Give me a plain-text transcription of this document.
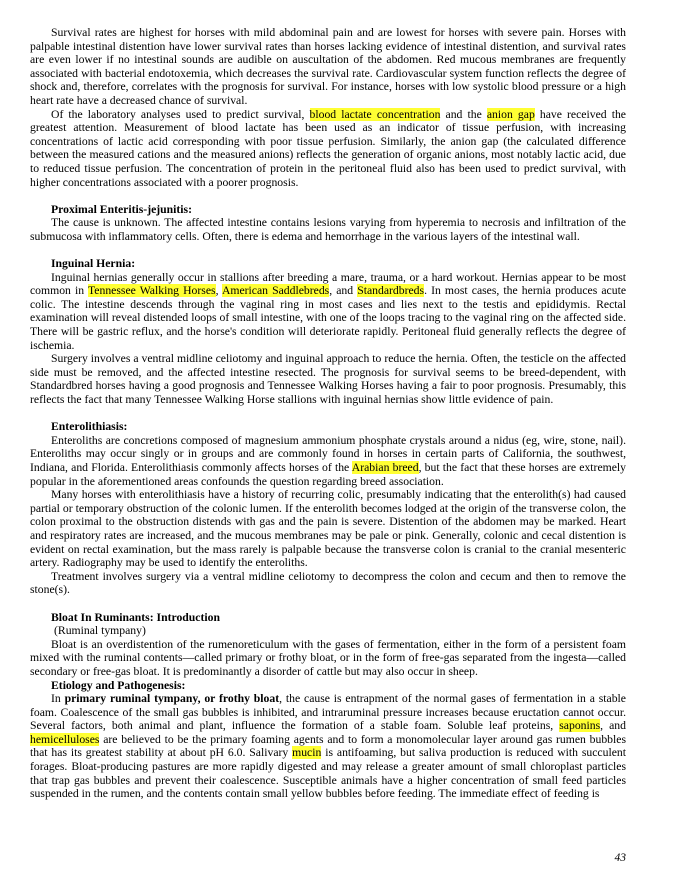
Survival rates are highest for horses with mild abdominal pain and are lowest for horses with severe pain. Horses with palpable intestinal distention have lower survival rates than horses lacking evidence of intestinal distention, and survival rates are even lower if no intestinal sounds are audible on auscultation of the abdomen. Red mucous membranes are frequently associated with bacterial endotoxemia, which decreases the survival rate. Cardiovascular system function reflects the degree of shock and, therefore, correlates with the prognosis for survival. For instance, horses with low systolic blood pressure or a high heart rate have a decreased chance of survival.

Of the laboratory analyses used to predict survival, blood lactate concentration and the anion gap have received the greatest attention. Measurement of blood lactate has been used as an indicator of tissue perfusion, with increasing concentrations of lactic acid corresponding with poor tissue perfusion. Similarly, the anion gap (the calculated difference between the measured cations and the measured anions) reflects the generation of organic anions, most notably lactic acid, due to reduced tissue perfusion. The concentration of protein in the peritoneal fluid also has been used to predict survival, with higher concentrations associated with a poorer prognosis.

Proximal Enteritis-jejunitis:

The cause is unknown. The affected intestine contains lesions varying from hyperemia to necrosis and infiltration of the submucosa with inflammatory cells. Often, there is edema and hemorrhage in the various layers of the intestinal wall.

Inguinal Hernia:

Inguinal hernias generally occur in stallions after breeding a mare, trauma, or a hard workout. Hernias appear to be most common in Tennessee Walking Horses, American Saddlebreds, and Standardbreds. In most cases, the hernia produces acute colic. The intestine descends through the vaginal ring in most cases and lies next to the testis and epididymis. Rectal examination will reveal distended loops of small intestine, with one of the loops tracing to the vaginal ring on the affected side. There will be gastric reflux, and the horse's condition will deteriorate rapidly. Peritoneal fluid generally reflects the degree of ischemia.

Surgery involves a ventral midline celiotomy and inguinal approach to reduce the hernia. Often, the testicle on the affected side must be removed, and the affected intestine resected. The prognosis for survival seems to be breed-dependent, with Standardbred horses having a good prognosis and Tennessee Walking Horses having a fair to poor prognosis. Presumably, this reflects the fact that many Tennessee Walking Horse stallions with inguinal hernias show little evidence of pain.

Enterolithiasis:

Enteroliths are concretions composed of magnesium ammonium phosphate crystals around a nidus (eg, wire, stone, nail). Enteroliths may occur singly or in groups and are commonly found in horses in certain parts of California, the southwest, Indiana, and Florida. Enterolithiasis commonly affects horses of the Arabian breed, but the fact that these horses are extremely popular in the aforementioned areas confounds the question regarding breed association.

Many horses with enterolithiasis have a history of recurring colic, presumably indicating that the enterolith(s) had caused partial or temporary obstruction of the colonic lumen. If the enterolith becomes lodged at the origin of the transverse colon, the colon proximal to the obstruction distends with gas and the pain is severe. Distention of the abdomen may be marked. Heart and respiratory rates are increased, and the mucous membranes may be pale or pink. Generally, colonic and cecal distention is evident on rectal examination, but the mass rarely is palpable because the transverse colon is cranial to the cranial mesenteric artery. Radiography may be used to identify the enteroliths.

Treatment involves surgery via a ventral midline celiotomy to decompress the colon and cecum and then to remove the stone(s).

Bloat In Ruminants: Introduction
(Ruminal tympany)

Bloat is an overdistention of the rumenoreticulum with the gases of fermentation, either in the form of a persistent foam mixed with the ruminal contents—called primary or frothy bloat, or in the form of free-gas separated from the ingesta—called secondary or free-gas bloat. It is predominantly a disorder of cattle but may also occur in sheep.

Etiology and Pathogenesis:

In primary ruminal tympany, or frothy bloat, the cause is entrapment of the normal gases of fermentation in a stable foam. Coalescence of the small gas bubbles is inhibited, and intraruminal pressure increases because eructation cannot occur. Several factors, both animal and plant, influence the formation of a stable foam. Soluble leaf proteins, saponins, and hemicelluloses are believed to be the primary foaming agents and to form a monomolecular layer around gas rumen bubbles that has its greatest stability at about pH 6.0. Salivary mucin is antifoaming, but saliva production is reduced with succulent forages. Bloat-producing pastures are more rapidly digested and may release a greater amount of small chloroplast particles that trap gas bubbles and prevent their coalescence. Susceptible animals have a higher concentration of small feed particles suspended in the rumen, and the contents contain small yellow bubbles before feeding. The immediate effect of feeding is

43
